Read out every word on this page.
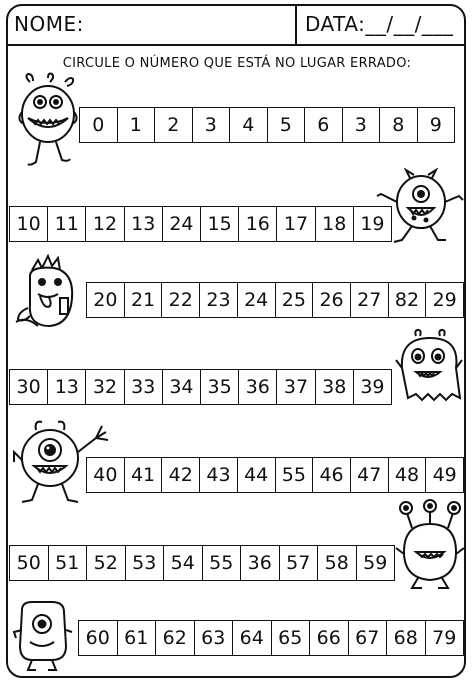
NOME:	DATA:__/__/___
CIRCULE O NÚMERO QUE ESTÁ NO LUGAR ERRADO:
0	1	2	3	4	5	6	3	8	9
10 11 12 13 24 15 16 17 18 19
20 21 22 23 24 25 26 27 82 29
30 13 32 33 34 35 36 37 38 39
40 41 42 43 44 55 46 47 48 49
50 51 52 53 54 55 36 57 58 59
60 61 62 63 64 65 66 67 68 79
